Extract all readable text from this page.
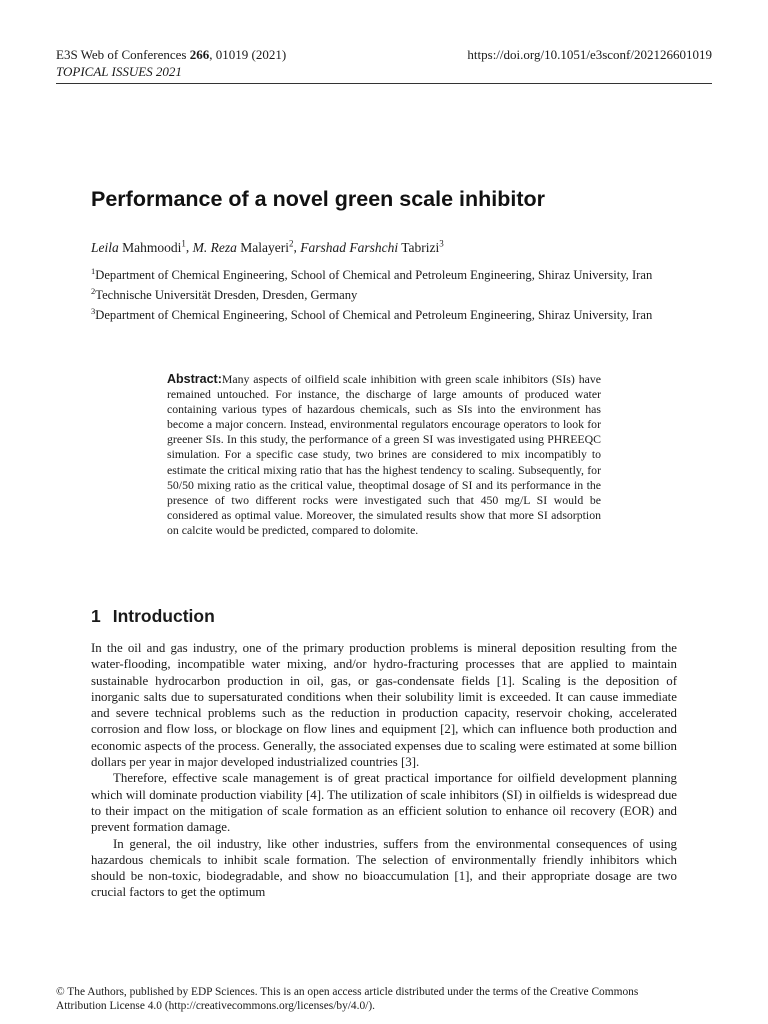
E3S Web of Conferences 266, 01019 (2021)	https://doi.org/10.1051/e3sconf/202126601019
TOPICAL ISSUES 2021
Performance of a novel green scale inhibitor
Leila Mahmoodi$^1$, M. Reza Malayeri$^2$, Farshad Farshchi Tabrizi$^3$
$^1$Department of Chemical Engineering, School of Chemical and Petroleum Engineering, Shiraz University, Iran
$^2$Technische Universität Dresden, Dresden, Germany
$^3$Department of Chemical Engineering, School of Chemical and Petroleum Engineering, Shiraz University, Iran
Abstract:Many aspects of oilfield scale inhibition with green scale inhibitors (SIs) have remained untouched. For instance, the discharge of large amounts of produced water containing various types of hazardous chemicals, such as SIs into the environment has become a major concern. Instead, environmental regulators encourage operators to look for greener SIs. In this study, the performance of a green SI was investigated using PHREEQC simulation. For a specific case study, two brines are considered to mix incompatibly to estimate the critical mixing ratio that has the highest tendency to scaling. Subsequently, for 50/50 mixing ratio as the critical value, theoptimal dosage of SI and its performance in the presence of two different rocks were investigated such that 450 mg/L SI would be considered as optimal value. Moreover, the simulated results show that more SI adsorption on calcite would be predicted, compared to dolomite.
1 Introduction

In the oil and gas industry, one of the primary production problems is mineral deposition resulting from the water-flooding, incompatible water mixing, and/or hydro-fracturing processes that are applied to maintain sustainable hydrocarbon production in oil, gas, or gas-condensate fields [1]. Scaling is the deposition of inorganic salts due to supersaturated conditions when their solubility limit is exceeded. It can cause immediate and severe technical problems such as the reduction in production capacity, reservoir choking, accelerated corrosion and flow loss, or blockage on flow lines and equipment [2], which can influence both production and economic aspects of the process. Generally, the associated expenses due to scaling were estimated at some billion dollars per year in major developed industrialized countries [3].

Therefore, effective scale management is of great practical importance for oilfield development planning which will dominate production viability [4]. The utilization of scale inhibitors (SI) in oilfields is widespread due to their impact on the mitigation of scale formation as an efficient solution to enhance oil recovery (EOR) and prevent formation damage.

In general, the oil industry, like other industries, suffers from the environmental consequences of using hazardous chemicals to inhibit scale formation. The selection of environmentally friendly inhibitors which should be non-toxic, biodegradable, and show no bioaccumulation [1], and their appropriate dosage are two crucial factors to get the optimum

© The Authors, published by EDP Sciences. This is an open access article distributed under the terms of the Creative Commons
Attribution License 4.0 (http://creativecommons.org/licenses/by/4.0/).
